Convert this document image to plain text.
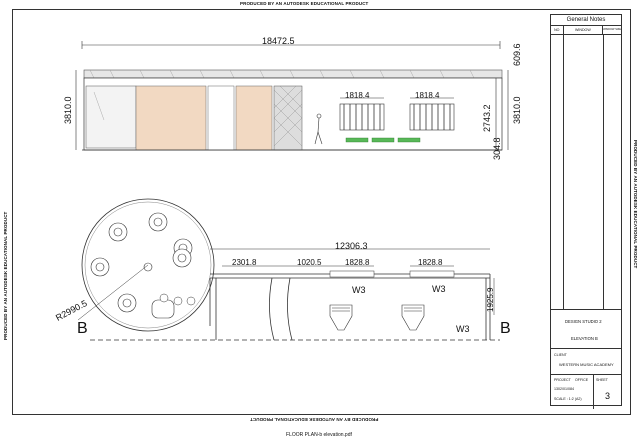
PRODUCED BY AN AUTODESK EDUCATIONAL PRODUCT
PRODUCED BY AN AUTODESK EDUCATIONAL PRODUCT
PRODUCED BY AN AUTODESK EDUCATIONAL PRODUCT
PRODUCED BY AN AUTODESK EDUCATIONAL PRODUCT
18472.5
3810.0	3810.0
609.6
2743.2
304.8
1818.4	1818.4
12306.3
2301.8	1020.5	1828.8	1828.8
1925.9
R2990.5
W3	W3
W3
B	B
General Notes
NO	WINDOW	WINDOW SIZE
DESIGN STUDIO 2
ELEVATION B
CLIENT
WESTERN MUSIC ACADEMY
PROJECT OFFICE SHEET
1302/01/084
SCALE : 1:2 (A2)	3
FLOOR PLAN-b elevation.pdf
